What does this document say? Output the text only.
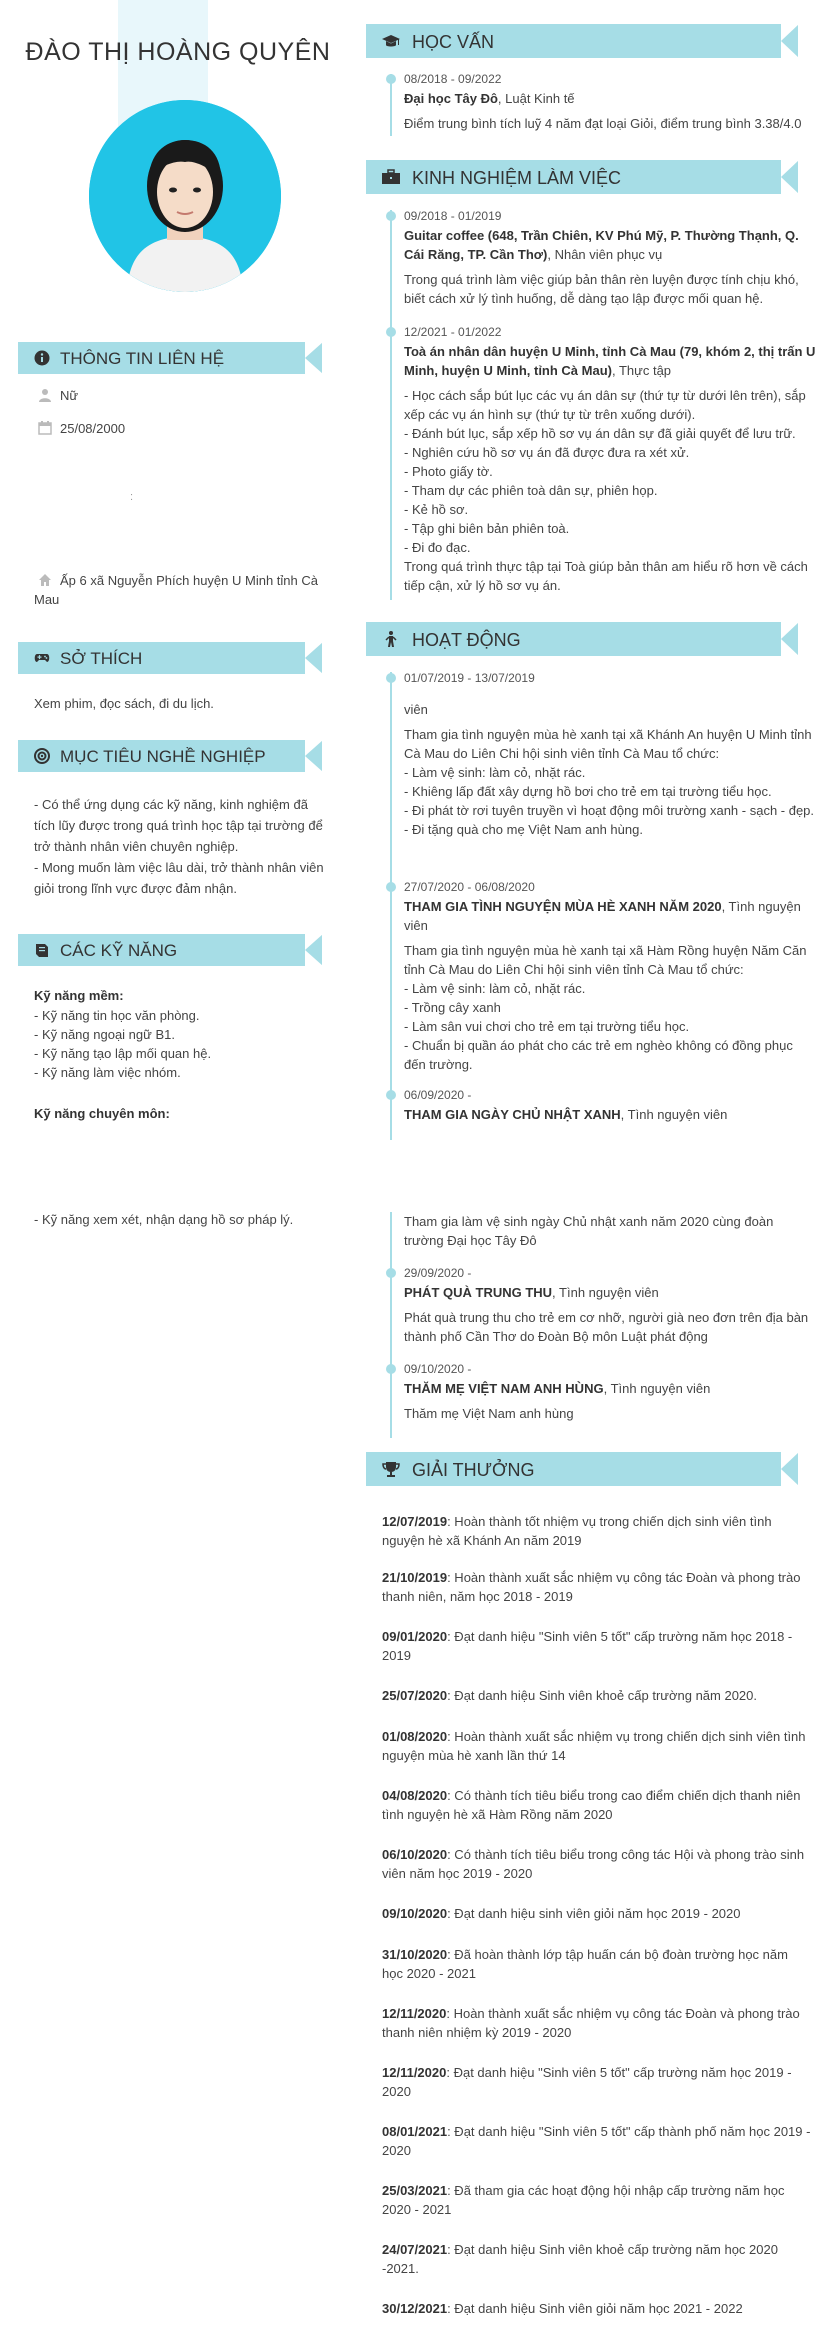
ĐÀO THỊ HOÀNG QUYÊN
THÔNG TIN LIÊN HỆ
Nữ
25/08/2000
:
Ấp 6 xã Nguyễn Phích huyện U Minh tỉnh Cà Mau
SỞ THÍCH
Xem phim, đọc sách, đi du lịch.
MỤC TIÊU NGHỀ NGHIỆP
- Có thể ứng dụng các kỹ năng, kinh nghiệm đã tích lũy được trong quá trình học tập tại trường để trở thành nhân viên chuyên nghiệp.
- Mong muốn làm việc lâu dài, trở thành nhân viên giỏi trong lĩnh vực được đảm nhận.
CÁC KỸ NĂNG
Kỹ năng mềm:
- Kỹ năng tin học văn phòng.
- Kỹ năng ngoại ngữ B1.
- Kỹ năng tạo lập mối quan hệ.
- Kỹ năng làm việc nhóm.
Kỹ năng chuyên môn:
- Kỹ năng xem xét, nhận dạng hồ sơ pháp lý.
HỌC VẤN
08/2018 - 09/2022
Đại học Tây Đô, Luật Kinh tế
Điểm trung bình tích luỹ 4 năm đạt loại Giỏi, điểm trung bình 3.38/4.0
KINH NGHIỆM LÀM VIỆC
09/2018 - 01/2019
Guitar coffee (648, Trần Chiên, KV Phú Mỹ, P. Thường Thạnh, Q. Cái Răng, TP. Cần Thơ), Nhân viên phục vụ
Trong quá trình làm việc giúp bản thân rèn luyện được tính chịu khó, biết cách xử lý tình huống, dễ dàng tạo lập được mối quan hệ.
12/2021 - 01/2022
Toà án nhân dân huyện U Minh, tỉnh Cà Mau (79, khóm 2, thị trấn U Minh, huyện U Minh, tỉnh Cà Mau), Thực tập
- Học cách sắp bút lục các vụ án dân sự (thứ tự từ dưới lên trên), sắp xếp các vụ án hình sự (thứ tự từ trên xuống dưới).
- Đánh bút lục, sắp xếp hồ sơ vụ án dân sự đã giải quyết để lưu trữ.
- Nghiên cứu hồ sơ vụ án đã được đưa ra xét xử.
- Photo giấy tờ.
- Tham dự các phiên toà dân sự, phiên họp.
- Kẻ hồ sơ.
- Tập ghi biên bản phiên toà.
- Đi đo đạc.
Trong quá trình thực tập tại Toà giúp bản thân am hiểu rõ hơn về cách tiếp cận, xử lý hồ sơ vụ án.
HOẠT ĐỘNG
01/07/2019 - 13/07/2019
viên
Tham gia tình nguyện mùa hè xanh tại xã Khánh An huyện U Minh tỉnh Cà Mau do Liên Chi hội sinh viên tỉnh Cà Mau tổ chức:
- Làm vệ sinh: làm cỏ, nhặt rác.
- Khiêng lấp đất xây dựng hồ bơi cho trẻ em tại trường tiểu học.
- Đi phát tờ rơi tuyên truyền vì hoạt động môi trường xanh - sạch - đẹp.
- Đi tặng quà cho mẹ Việt Nam anh hùng.
27/07/2020 - 06/08/2020
THAM GIA TÌNH NGUYỆN MÙA HÈ XANH NĂM 2020, Tình nguyện viên
Tham gia tình nguyện mùa hè xanh tại xã Hàm Rồng huyện Năm Căn tỉnh Cà Mau do Liên Chi hội sinh viên tỉnh Cà Mau tổ chức:
- Làm vệ sinh: làm cỏ, nhặt rác.
- Trồng cây xanh
- Làm sân vui chơi cho trẻ em tại trường tiểu học.
- Chuẩn bị quần áo phát cho các trẻ em nghèo không có đồng phục đến trường.
06/09/2020 -
THAM GIA NGÀY CHỦ NHẬT XANH, Tình nguyện viên
Tham gia làm vệ sinh ngày Chủ nhật xanh năm 2020 cùng đoàn trường Đại học Tây Đô
29/09/2020 -
PHÁT QUÀ TRUNG THU, Tình nguyện viên
Phát quà trung thu cho trẻ em cơ nhỡ, người già neo đơn trên địa bàn thành phố Cần Thơ do Đoàn Bộ môn Luật phát động
09/10/2020 -
THĂM MẸ VIỆT NAM ANH HÙNG, Tình nguyện viên
Thăm mẹ Việt Nam anh hùng
GIẢI THƯỞNG
12/07/2019: Hoàn thành tốt nhiệm vụ trong chiến dịch sinh viên tình nguyện hè xã Khánh An năm 2019
21/10/2019: Hoàn thành xuất sắc nhiệm vụ công tác Đoàn và phong trào thanh niên, năm học 2018 - 2019
09/01/2020: Đạt danh hiệu "Sinh viên 5 tốt" cấp trường năm học 2018 - 2019
25/07/2020: Đạt danh hiệu Sinh viên khoẻ cấp trường năm 2020.
01/08/2020: Hoàn thành xuất sắc nhiệm vụ trong chiến dịch sinh viên tình nguyện mùa hè xanh lần thứ 14
04/08/2020: Có thành tích tiêu biểu trong cao điểm chiến dịch thanh niên tình nguyện hè xã Hàm Rồng năm 2020
06/10/2020: Có thành tích tiêu biểu trong công tác Hội và phong trào sinh viên năm học 2019 - 2020
09/10/2020: Đạt danh hiệu sinh viên giỏi năm học 2019 - 2020
31/10/2020: Đã hoàn thành lớp tập huấn cán bộ đoàn trường học năm học 2020 - 2021
12/11/2020: Hoàn thành xuất sắc nhiệm vụ công tác Đoàn và phong trào thanh niên nhiệm kỳ 2019 - 2020
12/11/2020: Đạt danh hiệu "Sinh viên 5 tốt" cấp trường năm học 2019 - 2020
08/01/2021: Đạt danh hiệu "Sinh viên 5 tốt" cấp thành phố năm học 2019 - 2020
25/03/2021: Đã tham gia các hoạt động hội nhập cấp trường năm học 2020 - 2021
24/07/2021: Đạt danh hiệu Sinh viên khoẻ cấp trường năm học 2020 -2021.
30/12/2021: Đạt danh hiệu Sinh viên giỏi năm học 2021 - 2022
